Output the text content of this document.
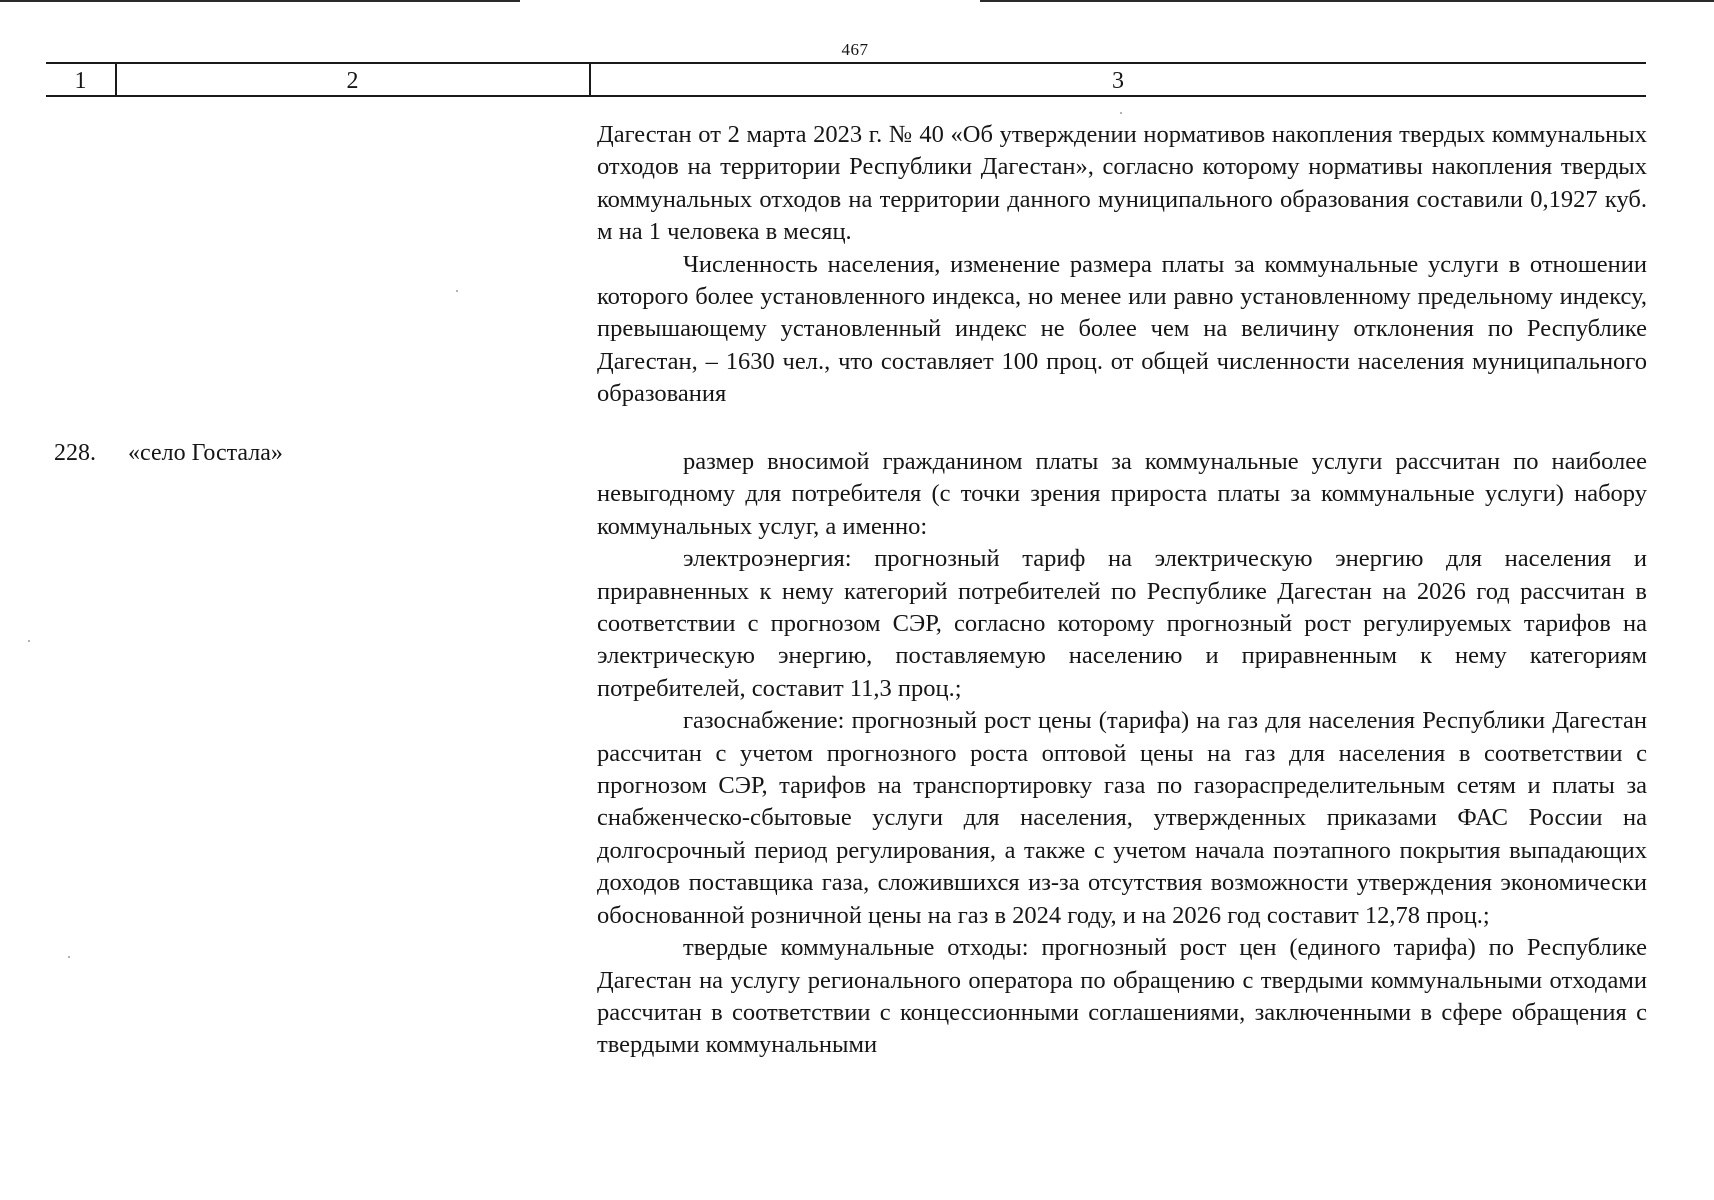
467
1	2	3

Дагестан от 2 марта 2023 г. № 40 «Об утверждении нормативов накопления твердых коммунальных отходов на территории Республики Дагестан», согласно которому нормативы накопления твердых коммунальных отходов на территории данного муниципального образования составили 0,1927 куб. м на 1 человека в месяц.

Численность населения, изменение размера платы за коммунальные услуги в отношении которого более установленного индекса, но менее или равно установленному предельному индексу, превышающему установленный индекс не более чем на величину отклонения по Республике Дагестан, – 1630 чел., что составляет 100 проц. от общей численности населения муниципального образования

228. «село Гостала»	размер вносимой гражданином платы за коммунальные услуги рассчитан по наиболее невыгодному для потребителя (с точки зрения прироста платы за коммунальные услуги) набору коммунальных услуг, а именно:

электроэнергия: прогнозный тариф на электрическую энергию для населения и приравненных к нему категорий потребителей по Республике Дагестан на 2026 год рассчитан в соответствии с прогнозом СЭР, согласно которому прогнозный рост регулируемых тарифов на электрическую энергию, поставляемую населению и приравненным к нему категориям потребителей, составит 11,3 проц.;

газоснабжение: прогнозный рост цены (тарифа) на газ для населения Республики Дагестан рассчитан с учетом прогнозного роста оптовой цены на газ для населения в соответствии с прогнозом СЭР, тарифов на транспортировку газа по газораспределительным сетям и платы за снабженческо-сбытовые услуги для населения, утвержденных приказами ФАС России на долгосрочный период регулирования, а также с учетом начала поэтапного покрытия выпадающих доходов поставщика газа, сложившихся из-за отсутствия возможности утверждения экономически обоснованной розничной цены на газ в 2024 году, и на 2026 год составит 12,78 проц.;

твердые коммунальные отходы: прогнозный рост цен (единого тарифа) по Республике Дагестан на услугу регионального оператора по обращению с твердыми коммунальными отходами рассчитан в соответствии с концессионными соглашениями, заключенными в сфере обращения с твердыми коммунальными
